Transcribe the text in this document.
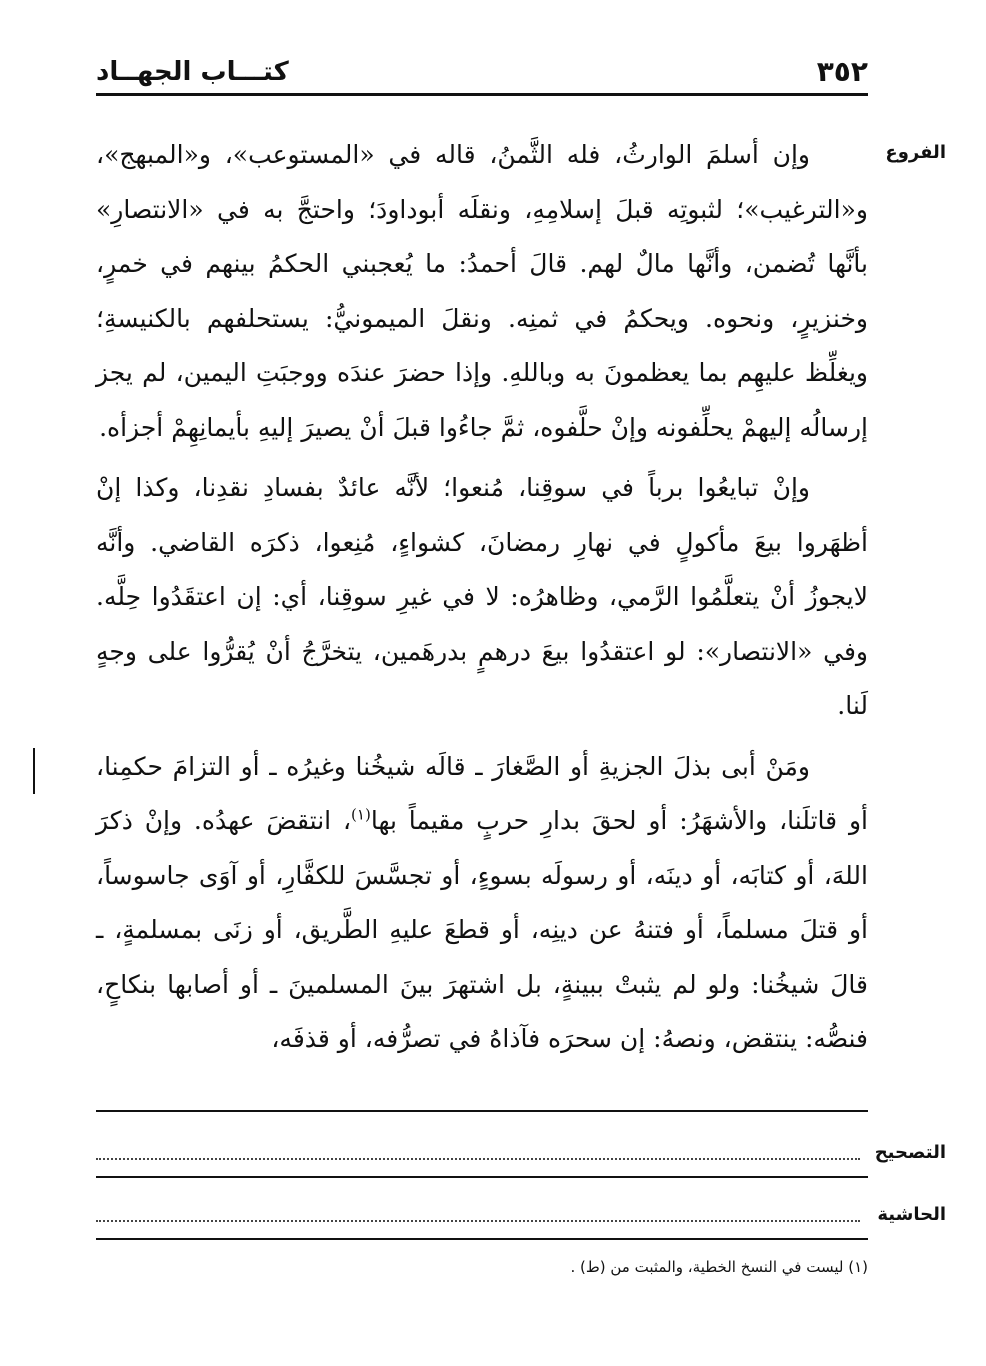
٣٥٢
كتـــاب الجهــاد
الفروع

وإن أسلمَ الوارثُ، فله الثَّمنُ، قاله في «المستوعب»، و«المبهج»، و«الترغيب»؛ لثبوتِه قبلَ إسلامِهِ، ونقلَه أبوداودَ؛ واحتجَّ به في «الانتصارِ» بأنَّها تُضمن، وأنَّها مالٌ لهم. قالَ أحمدُ: ما يُعجبني الحكمُ بينهم في خمرٍ، وخنزيرٍ، ونحوه. ويحكمُ في ثمنِه. ونقلَ الميمونيُّ: يستحلفهم بالكنيسةِ؛ ويغلِّظ عليهِم بما يعظمونَ به وباللهِ. وإذا حضرَ عندَه ووجبَتِ اليمين، لم يجز إرسالُه إليهمْ يحلِّفونه وإنْ حلَّفوه، ثمَّ جاءُوا قبلَ أنْ يصيرَ إليهِ بأيمانِهِمْ أجزأه.

وإنْ تبايعُوا برباً في سوقِنا، مُنعوا؛ لأنَّه عائدٌ بفسادِ نقدِنا، وكذا إنْ أظهَروا بيعَ مأكولٍ في نهارِ رمضانَ، كشواءٍ، مُنِعوا، ذكرَه القاضي. وأنَّه لايجوزُ أنْ يتعلَّمُوا الرَّمي، وظاهرُه: لا في غيرِ سوقِنا، أي: إن اعتقَدُوا حِلَّه. وفي «الانتصار»: لو اعتقدُوا بيعَ درهمٍ بدرهَمين، يتخرَّجُ أنْ يُقرُّوا على وجهٍ لَنا.

ومَنْ أبى بذلَ الجزيةِ أو الصَّغارَ ـ قالَه شيخُنا وغيرُه ـ أو التزامَ حكمِنا، أو قاتلَنا، والأشهَرُ: أو لحقَ بدارِ حربٍ مقيماً بها$^{(١)}$، انتقضَ عهدُه. وإنْ ذكرَ اللهَ، أو كتابَه، أو دينَه، أو رسولَه بسوءٍ، أو تجسَّسَ للكفَّارِ، أو آوَى جاسوساً، أو قتلَ مسلماً، أو فتنهُ عن دينِه، أو قطعَ عليهِ الطَّريق، أو زنَى بمسلمةٍ، ـ قالَ شيخُنا: ولو لم يثبتْ ببينةٍ، بل اشتهرَ بينَ المسلمينَ ـ أو أصابها بنكاحٍ، فنصُّه: ينتقض، ونصهُ: إن سحرَه فآذاهُ في تصرُّفه، أو قذفَه،

التصحيح
الحاشية
(١) ليست في النسخ الخطية، والمثبت من (ط) .
